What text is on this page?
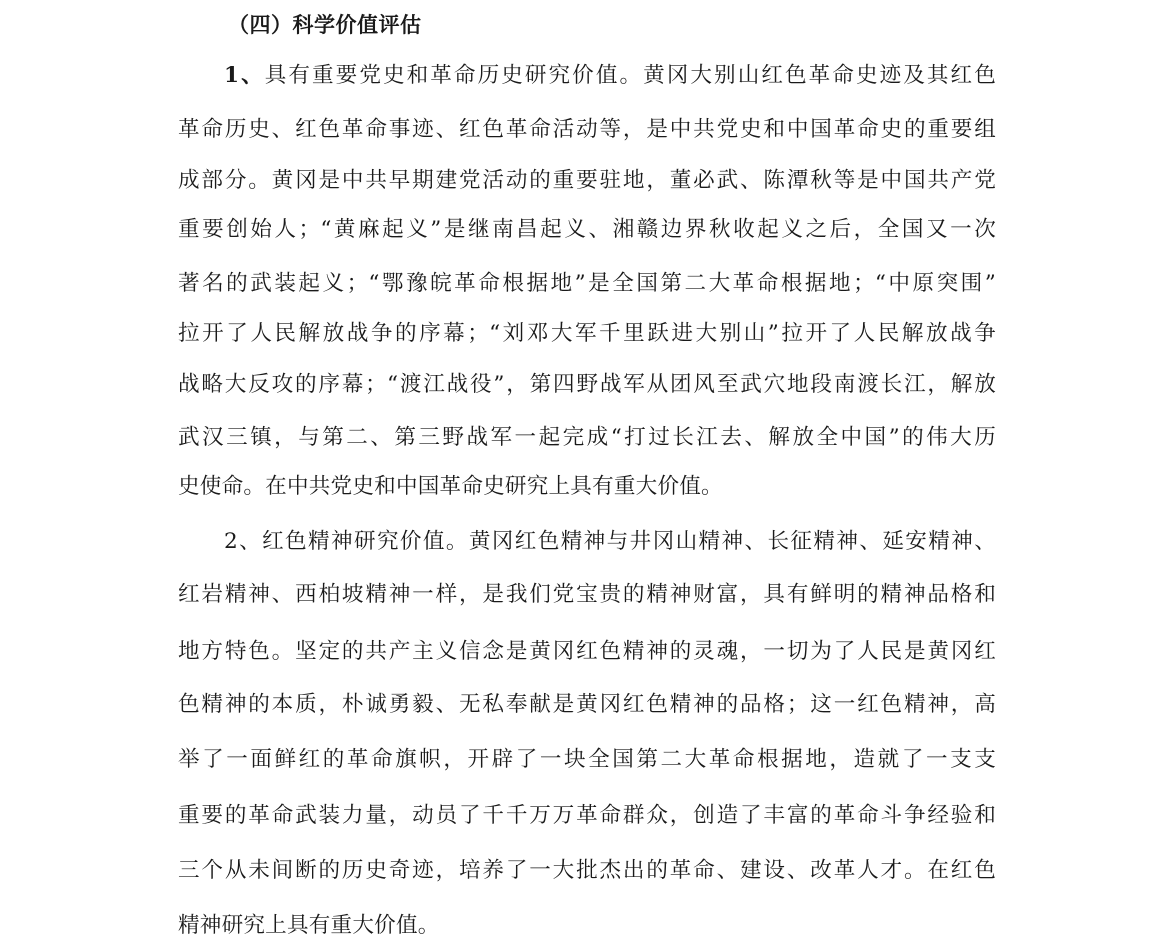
（四）科学价值评估
1、具有重要党史和革命历史研究价值。黄冈大别山红色革命史迹及其红色
革命历史、红色革命事迹、红色革命活动等，是中共党史和中国革命史的重要组
成部分。黄冈是中共早期建党活动的重要驻地，董必武、陈潭秋等是中国共产党
重要创始人；“黄麻起义”是继南昌起义、湘赣边界秋收起义之后，全国又一次
著名的武装起义；“鄂豫皖革命根据地”是全国第二大革命根据地；“中原突围”
拉开了人民解放战争的序幕；“刘邓大军千里跃进大别山”拉开了人民解放战争
战略大反攻的序幕；“渡江战役”，第四野战军从团风至武穴地段南渡长江，解放
武汉三镇，与第二、第三野战军一起完成“打过长江去、解放全中国”的伟大历
史使命。在中共党史和中国革命史研究上具有重大价值。
2、红色精神研究价值。黄冈红色精神与井冈山精神、长征精神、延安精神、
红岩精神、西柏坡精神一样，是我们党宝贵的精神财富，具有鲜明的精神品格和
地方特色。坚定的共产主义信念是黄冈红色精神的灵魂，一切为了人民是黄冈红
色精神的本质，朴诚勇毅、无私奉献是黄冈红色精神的品格；这一红色精神，高
举了一面鲜红的革命旗帜，开辟了一块全国第二大革命根据地，造就了一支支
重要的革命武装力量，动员了千千万万革命群众，创造了丰富的革命斗争经验和
三个从未间断的历史奇迹，培养了一大批杰出的革命、建设、改革人才。在红色
精神研究上具有重大价值。
